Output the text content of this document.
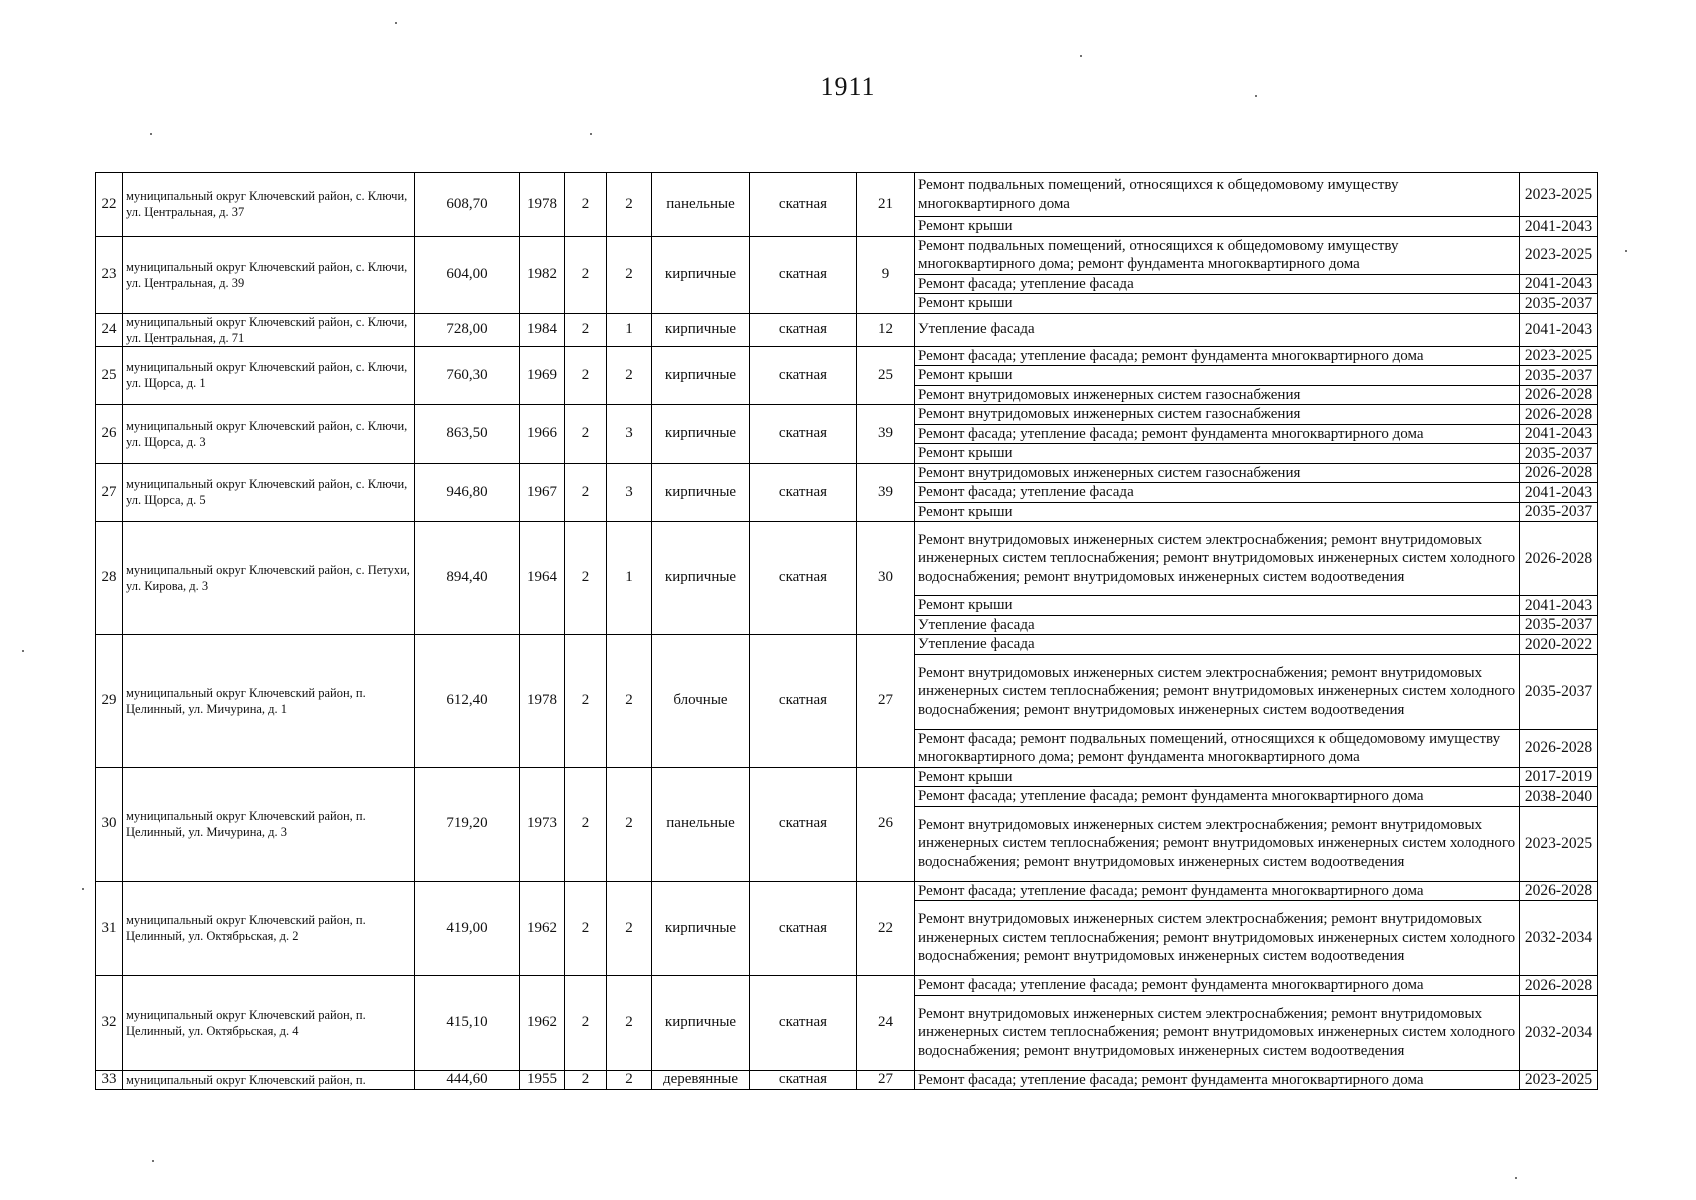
1911
22	муниципальный округ Ключевский район, с. Ключи, ул. Центральная, д. 37	608,70	1978	2	2	панельные	скатная	21	Ремонт подвальных помещений, относящихся к общедомовому имуществу многоквартирного дома	2023-2025
									Ремонт крыши	2041-2043
23	муниципальный округ Ключевский район, с. Ключи, ул. Центральная, д. 39	604,00	1982	2	2	кирпичные	скатная	9	Ремонт подвальных помещений, относящихся к общедомовому имуществу многоквартирного дома; ремонт фундамента многоквартирного дома	2023-2025
									Ремонт фасада; утепление фасада	2041-2043
									Ремонт крыши	2035-2037
24	муниципальный округ Ключевский район, с. Ключи, ул. Центральная, д. 71	728,00	1984	2	1	кирпичные	скатная	12	Утепление фасада	2041-2043
25	муниципальный округ Ключевский район, с. Ключи, ул. Щорса, д. 1	760,30	1969	2	2	кирпичные	скатная	25	Ремонт фасада; утепление фасада; ремонт фундамента многоквартирного дома	2023-2025
									Ремонт крыши	2035-2037
									Ремонт внутридомовых инженерных систем газоснабжения	2026-2028
26	муниципальный округ Ключевский район, с. Ключи, ул. Щорса, д. 3	863,50	1966	2	3	кирпичные	скатная	39	Ремонт внутридомовых инженерных систем газоснабжения	2026-2028
									Ремонт фасада; утепление фасада; ремонт фундамента многоквартирного дома	2041-2043
									Ремонт крыши	2035-2037
27	муниципальный округ Ключевский район, с. Ключи, ул. Щорса, д. 5	946,80	1967	2	3	кирпичные	скатная	39	Ремонт внутридомовых инженерных систем газоснабжения	2026-2028
									Ремонт фасада; утепление фасада	2041-2043
									Ремонт крыши	2035-2037
28	муниципальный округ Ключевский район, с. Петухи, ул. Кирова, д. 3	894,40	1964	2	1	кирпичные	скатная	30	Ремонт внутридомовых инженерных систем электроснабжения; ремонт внутридомовых инженерных систем теплоснабжения; ремонт внутридомовых инженерных систем холодного водоснабжения; ремонт внутридомовых инженерных систем водоотведения	2026-2028
									Ремонт крыши	2041-2043
									Утепление фасада	2035-2037
29	муниципальный округ Ключевский район, п. Целинный, ул. Мичурина, д. 1	612,40	1978	2	2	блочные	скатная	27	Утепление фасада	2020-2022
									Ремонт внутридомовых инженерных систем электроснабжения; ремонт внутридомовых инженерных систем теплоснабжения; ремонт внутридомовых инженерных систем холодного водоснабжения; ремонт внутридомовых инженерных систем водоотведения	2035-2037
									Ремонт фасада; ремонт подвальных помещений, относящихся к общедомовому имуществу многоквартирного дома; ремонт фундамента многоквартирного дома	2026-2028
30	муниципальный округ Ключевский район, п. Целинный, ул. Мичурина, д. 3	719,20	1973	2	2	панельные	скатная	26	Ремонт крыши	2017-2019
									Ремонт фасада; утепление фасада; ремонт фундамента многоквартирного дома	2038-2040
									Ремонт внутридомовых инженерных систем электроснабжения; ремонт внутридомовых инженерных систем теплоснабжения; ремонт внутридомовых инженерных систем холодного водоснабжения; ремонт внутридомовых инженерных систем водоотведения	2023-2025
31	муниципальный округ Ключевский район, п. Целинный, ул. Октябрьская, д. 2	419,00	1962	2	2	кирпичные	скатная	22	Ремонт фасада; утепление фасада; ремонт фундамента многоквартирного дома	2026-2028
									Ремонт внутридомовых инженерных систем электроснабжения; ремонт внутридомовых инженерных систем теплоснабжения; ремонт внутридомовых инженерных систем холодного водоснабжения; ремонт внутридомовых инженерных систем водоотведения	2032-2034
32	муниципальный округ Ключевский район, п. Целинный, ул. Октябрьская, д. 4	415,10	1962	2	2	кирпичные	скатная	24	Ремонт фасада; утепление фасада; ремонт фундамента многоквартирного дома	2026-2028
									Ремонт внутридомовых инженерных систем электроснабжения; ремонт внутридомовых инженерных систем теплоснабжения; ремонт внутридомовых инженерных систем холодного водоснабжения; ремонт внутридомовых инженерных систем водоотведения	2032-2034
33	муниципальный округ Ключевский район, п.	444,60	1955	2	2	деревянные	скатная	27	Ремонт фасада; утепление фасада; ремонт фундамента многоквартирного дома	2023-2025
